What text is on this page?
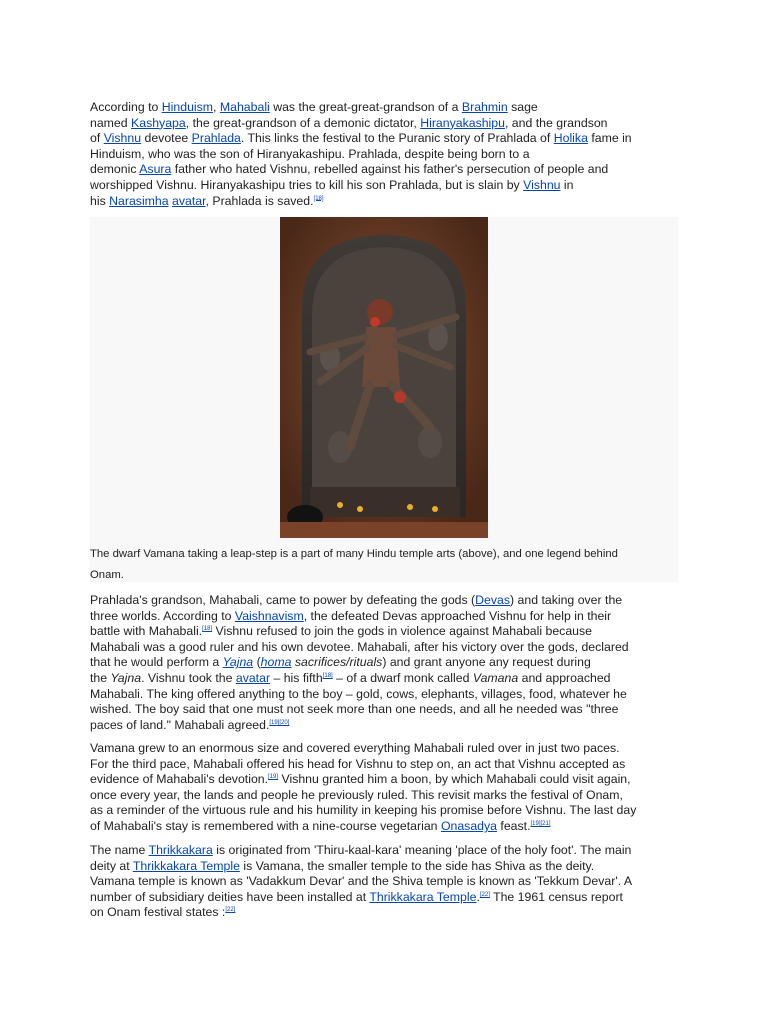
According to Hinduism, Mahabali was the great-great-grandson of a Brahmin sage
named Kashyapa, the great-grandson of a demonic dictator, Hiranyakashipu, and the grandson
of Vishnu devotee Prahlada. This links the festival to the Puranic story of Prahlada of Holika fame in
Hinduism, who was the son of Hiranyakashipu. Prahlada, despite being born to a
demonic Asura father who hated Vishnu, rebelled against his father's persecution of people and
worshipped Vishnu. Hiranyakashipu tries to kill his son Prahlada, but is slain by Vishnu in
his Narasimha avatar, Prahlada is saved.[18]

The dwarf Vamana taking a leap-step is a part of many Hindu temple arts (above), and one legend behind
Onam.

Prahlada's grandson, Mahabali, came to power by defeating the gods (Devas) and taking over the
three worlds. According to Vaishnavism, the defeated Devas approached Vishnu for help in their
battle with Mahabali.[18] Vishnu refused to join the gods in violence against Mahabali because
Mahabali was a good ruler and his own devotee. Mahabali, after his victory over the gods, declared
that he would perform a Yajna (homa sacrifices/rituals) and grant anyone any request during
the Yajna. Vishnu took the avatar – his fifth[18] – of a dwarf monk called Vamana and approached
Mahabali. The king offered anything to the boy – gold, cows, elephants, villages, food, whatever he
wished. The boy said that one must not seek more than one needs, and all he needed was "three
paces of land." Mahabali agreed.[19][20]

Vamana grew to an enormous size and covered everything Mahabali ruled over in just two paces.
For the third pace, Mahabali offered his head for Vishnu to step on, an act that Vishnu accepted as
evidence of Mahabali's devotion.[19] Vishnu granted him a boon, by which Mahabali could visit again,
once every year, the lands and people he previously ruled. This revisit marks the festival of Onam,
as a reminder of the virtuous rule and his humility in keeping his promise before Vishnu. The last day
of Mahabali's stay is remembered with a nine-course vegetarian Onasadya feast.[19][21]

The name Thrikkakara is originated from 'Thiru-kaal-kara' meaning 'place of the holy foot'. The main
deity at Thrikkakara Temple is Vamana, the smaller temple to the side has Shiva as the deity.
Vamana temple is known as 'Vadakkum Devar' and the Shiva temple is known as 'Tekkum Devar'. A
number of subsidiary deities have been installed at Thrikkakara Temple.[22] The 1961 census report
on Onam festival states :[22]
